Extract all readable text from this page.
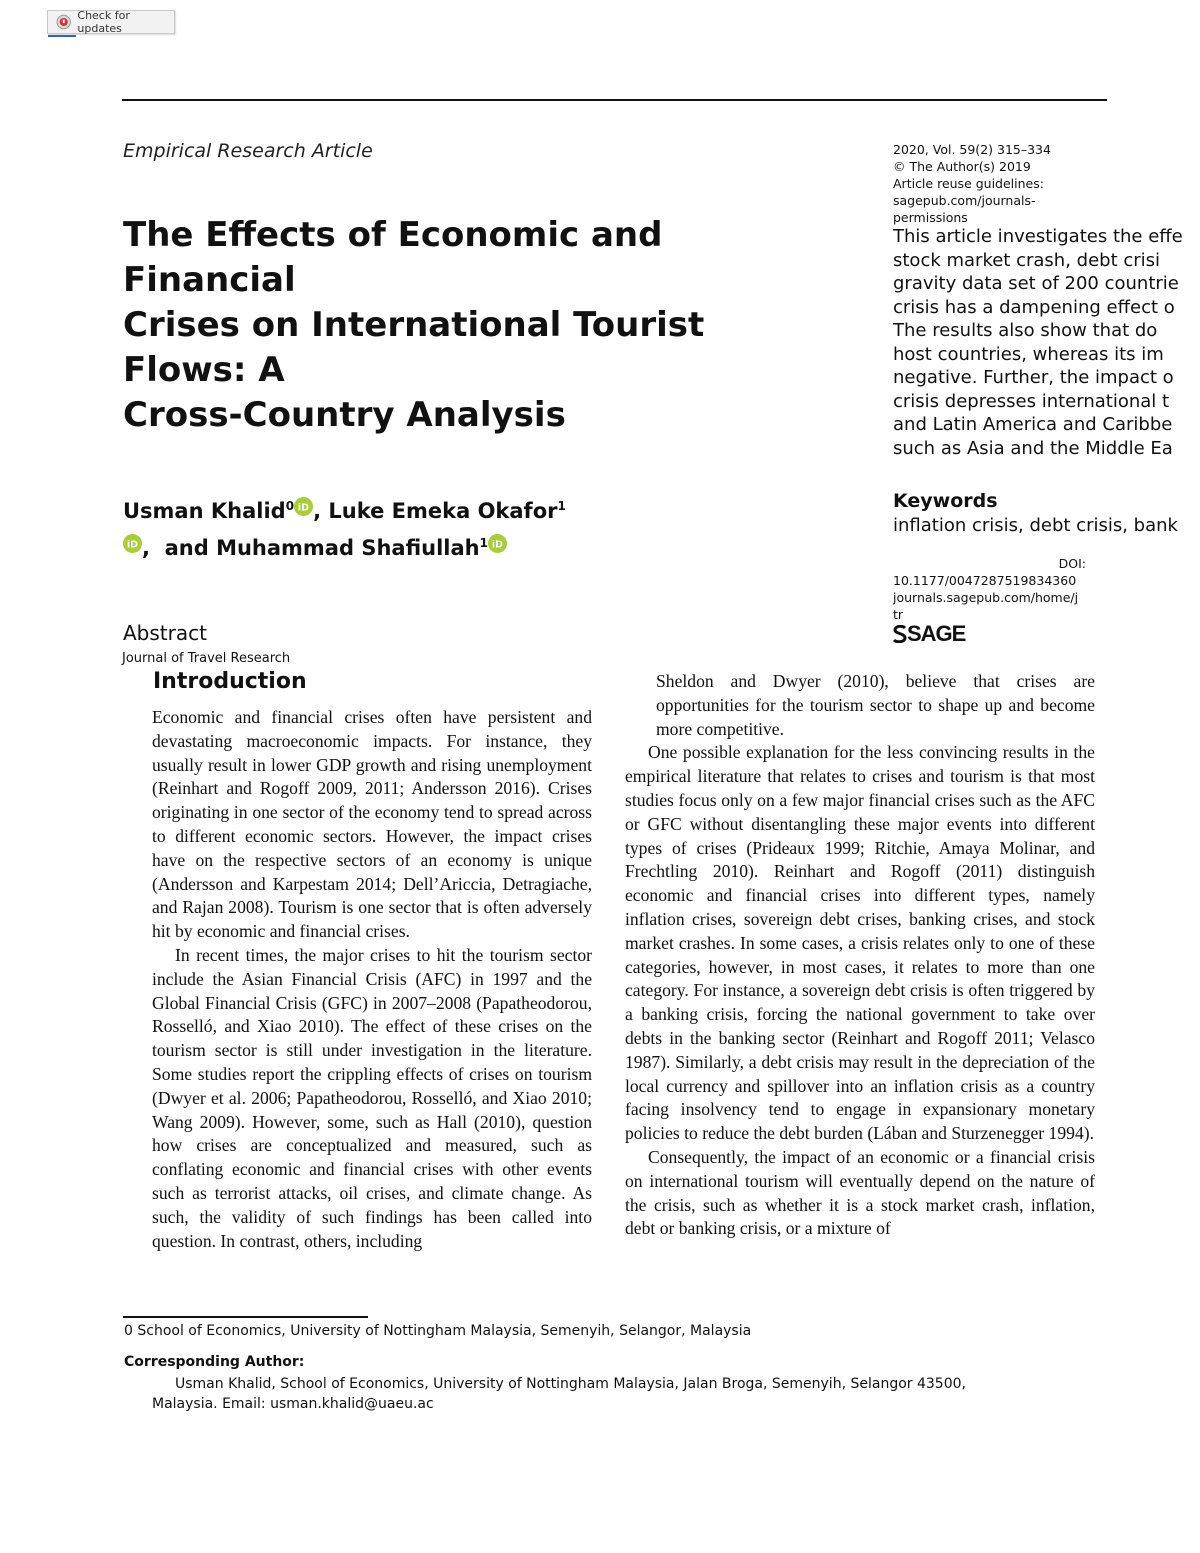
Check for updates
Empirical Research Article
The Effects of Economic and
Financial
Crises on International Tourist
Flows: A
Cross-Country Analysis
Usman Khalid$^0$ iD , Luke Emeka Okafor$^1$

iD ,  and Muhammad Shafiullah$^1$ iD
2020, Vol. 59(2) 315–334
© The Author(s) 2019
Article reuse guidelines:
sagepub.com/journals-
permissions
This article investigates the effe
stock market crash, debt crisi
gravity data set of 200 countrie
crisis has a dampening effect o
The results also show that do
host countries, whereas its im
negative. Further, the impact o
crisis depresses international t
and Latin America and Caribbe
such as Asia and the Middle Ea
Keywords
inflation crisis, debt crisis, bank
DOI:
10.1177/0047287519834360
journals.sagepub.com/home/j
tr
SAGE
Abstract
Journal of Travel Research
Introduction

Economic and financial crises often have persistent and devastating macroeconomic impacts. For instance, they usually result in lower GDP growth and rising unemployment (Reinhart and Rogoff 2009, 2011; Andersson 2016). Crises originating in one sector of the economy tend to spread across to different economic sectors. However, the impact crises have on the respective sectors of an economy is unique (Andersson and Karpestam 2014; Dell’Ariccia, Detragiache, and Rajan 2008). Tourism is one sector that is often adversely hit by economic and financial crises.

In recent times, the major crises to hit the tourism sector include the Asian Financial Crisis (AFC) in 1997 and the Global Financial Crisis (GFC) in 2007–2008 (Papatheodorou, Rosselló, and Xiao 2010). The effect of these crises on the tourism sector is still under investigation in the literature. Some studies report the crippling effects of crises on tourism (Dwyer et al. 2006; Papatheodorou, Rosselló, and Xiao 2010; Wang 2009). However, some, such as Hall (2010), question how crises are conceptualized and measured, such as conflating economic and financial crises with other events such as terrorist attacks, oil crises, and climate change. As such, the validity of such findings has been called into question. In contrast, others, including

Sheldon and Dwyer (2010), believe that crises are opportunities for the tourism sector to shape up and become more competitive.

One possible explanation for the less convincing results in the empirical literature that relates to crises and tourism is that most studies focus only on a few major financial crises such as the AFC or GFC without disentangling these major events into different types of crises (Prideaux 1999; Ritchie, Amaya Molinar, and Frechtling 2010). Reinhart and Rogoff (2011) distinguish economic and financial crises into different types, namely inflation crises, sovereign debt crises, banking crises, and stock market crashes. In some cases, a crisis relates only to one of these categories, however, in most cases, it relates to more than one category. For instance, a sovereign debt crisis is often triggered by a banking crisis, forcing the national government to take over debts in the banking sector (Reinhart and Rogoff 2011; Velasco 1987). Similarly, a debt crisis may result in the depreciation of the local currency and spillover into an inflation crisis as a country facing insolvency tend to engage in expansionary monetary policies to reduce the debt burden (Lában and Sturzenegger 1994).

Consequently, the impact of an economic or a financial crisis on international tourism will eventually depend on the nature of the crisis, such as whether it is a stock market crash, inflation, debt or banking crisis, or a mixture of

0 School of Economics, University of Nottingham Malaysia, Semenyih, Selangor, Malaysia
Corresponding Author:
Usman Khalid, School of Economics, University of Nottingham Malaysia, Jalan Broga, Semenyih, Selangor 43500,
Malaysia. Email: usman.khalid@uaeu.ac
